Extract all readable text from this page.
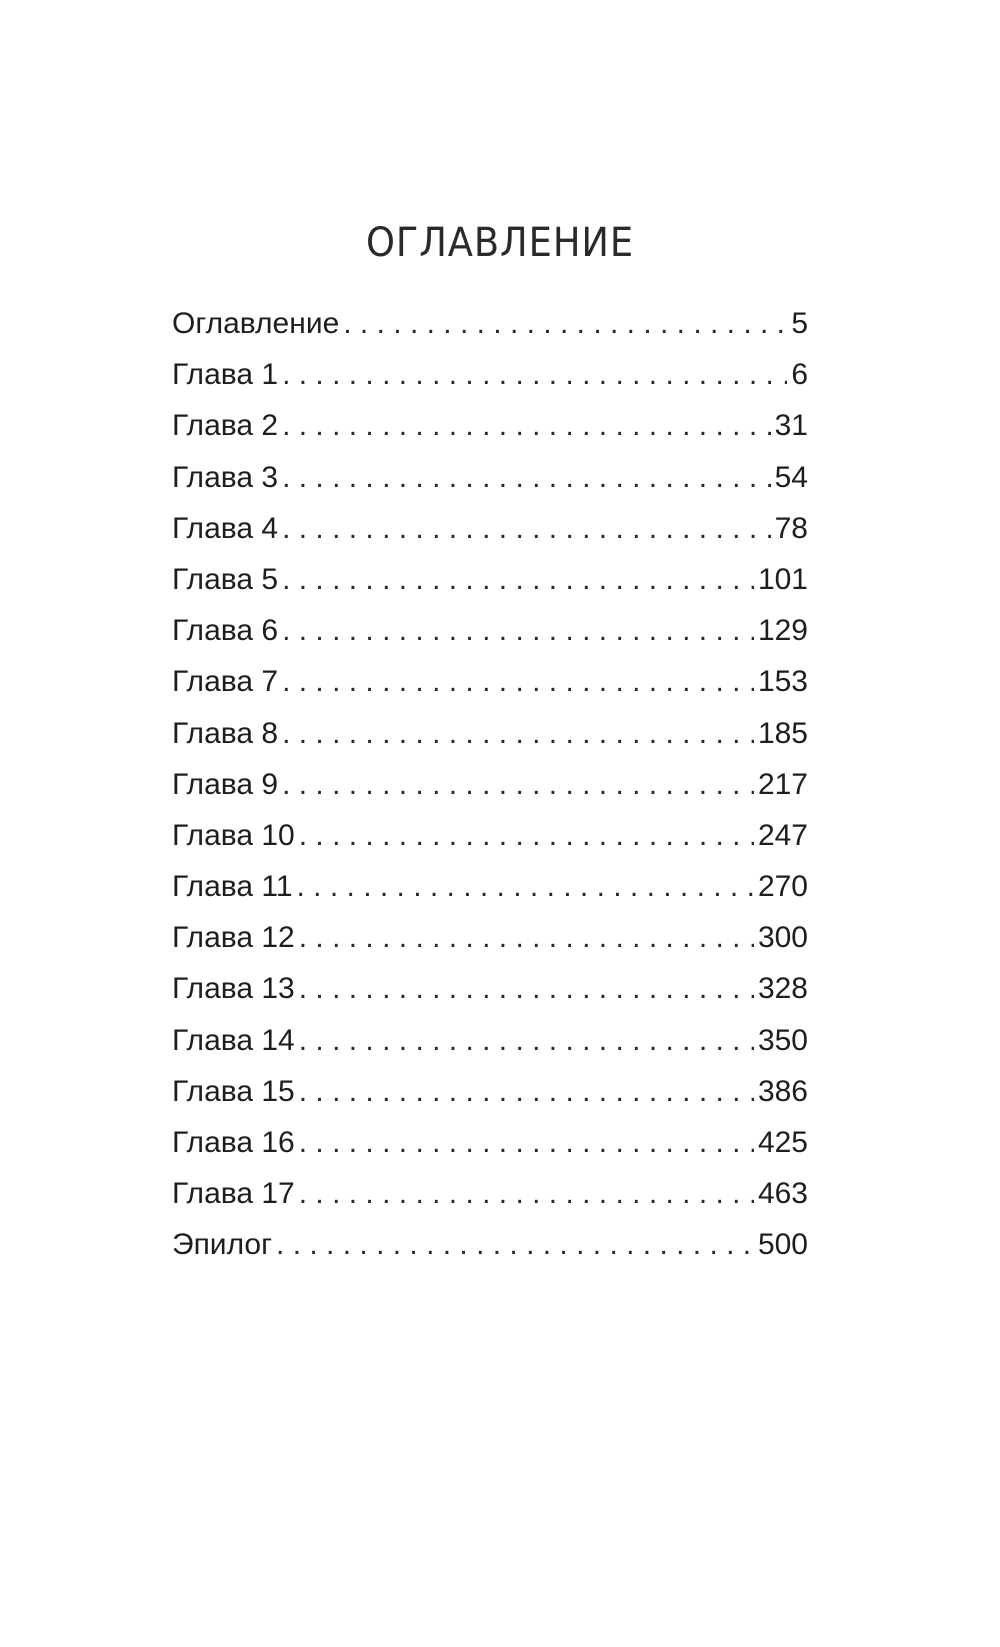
ОГЛАВЛЕНИЕ
Оглавление . . .	5
Глава 1 . . .	6
Глава 2 . . .	31
Глава 3 . . .	54
Глава 4 . . .	78
Глава 5 . . .	101
Глава 6 . . .	129
Глава 7 . . .	153
Глава 8 . . .	185
Глава 9 . . .	217
Глава 10 . . .	247
Глава 11 . . .	270
Глава 12 . . .	300
Глава 13 . . .	328
Глава 14 . . .	350
Глава 15 . . .	386
Глава 16 . . .	425
Глава 17 . . .	463
Эпилог . . .	500
